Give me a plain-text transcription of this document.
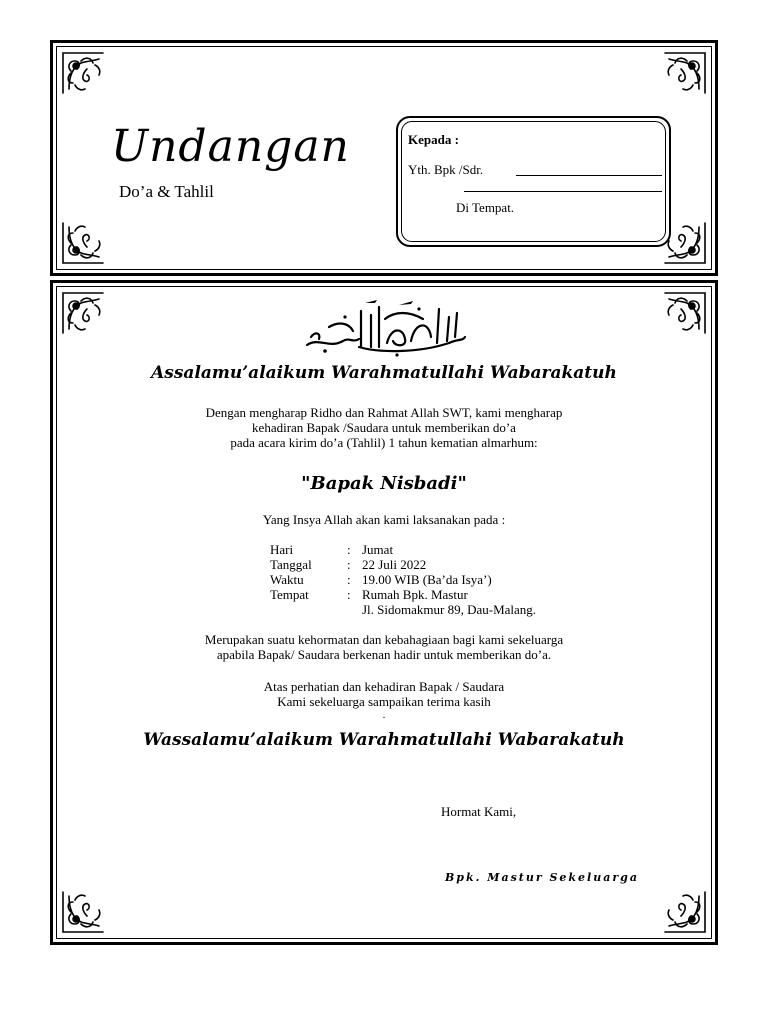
Undangan
Do’a & Tahlil
Kepada :
Yth. Bpk /Sdr.
Di Tempat.
Assalamu’alaikum Warahmatullahi Wabarakatuh
Dengan mengharap Ridho dan Rahmat Allah SWT, kami mengharap
kehadiran Bapak /Saudara untuk memberikan do’a
pada acara kirim do’a (Tahlil) 1 tahun kematian almarhum:
"Bapak Nisbadi"
Yang Insya Allah akan kami laksanakan pada :
Hari	: Jumat
Tanggal	: 22 Juli 2022
Waktu	: 19.00 WIB (Ba’da Isya’)
Tempat	: Rumah Bpk. Mastur
Jl. Sidomakmur 89, Dau-Malang.
Merupakan suatu kehormatan dan kebahagiaan bagi kami sekeluarga
apabila Bapak/ Saudara berkenan hadir untuk memberikan do’a.
Atas perhatian dan kehadiran Bapak / Saudara
Kami sekeluarga sampaikan terima kasih
.
Wassalamu’alaikum Warahmatullahi Wabarakatuh
Hormat Kami,
Bpk. Mastur Sekeluarga
